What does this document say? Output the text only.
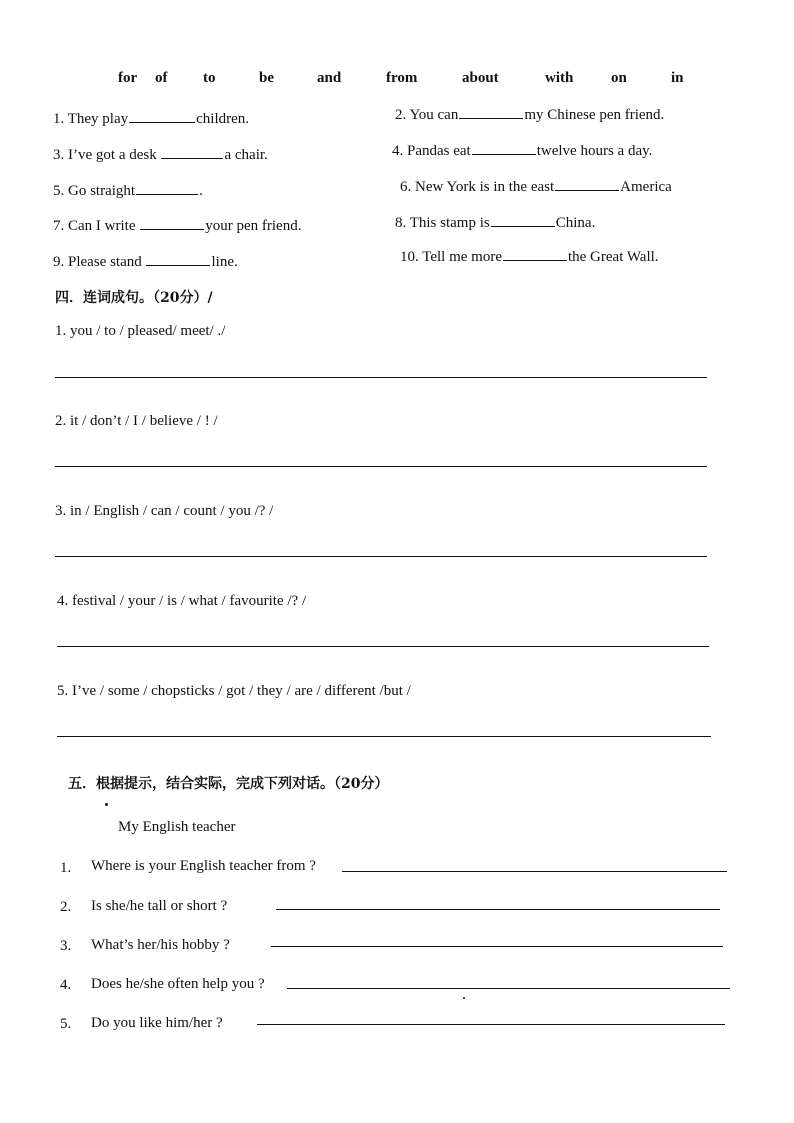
for of to	be	and	from	about	with	on	in
1. They play	children.	2. You can	my Chinese pen friend.
3. I’ve got a desk	a chair.	4. Pandas eat	twelve hours a day.
5. Go straight	.	6. New York is in the east	America
7. Can I write	your pen friend.	8. This stamp is	China.
9. Please stand	line.	10. Tell me more	the Great Wall.
四．连词成句。（20分）/
1. you / to / pleased/ meet/ ./
2. it / don’t / I / believe / ! /
3. in / English / can / count / you /? /
4. festival / your / is / what / favourite /? /
5. I’ve / some / chopsticks / got / they / are / different /but /
五．根据提示，结合实际，完成下列对话。（20分）
My English teacher
1. Where is your English teacher from ?
2. Is she/he tall or short ?
3. What’s her/his hobby ?
4. Does he/she often help you ?
5. Do you like him/her ?
